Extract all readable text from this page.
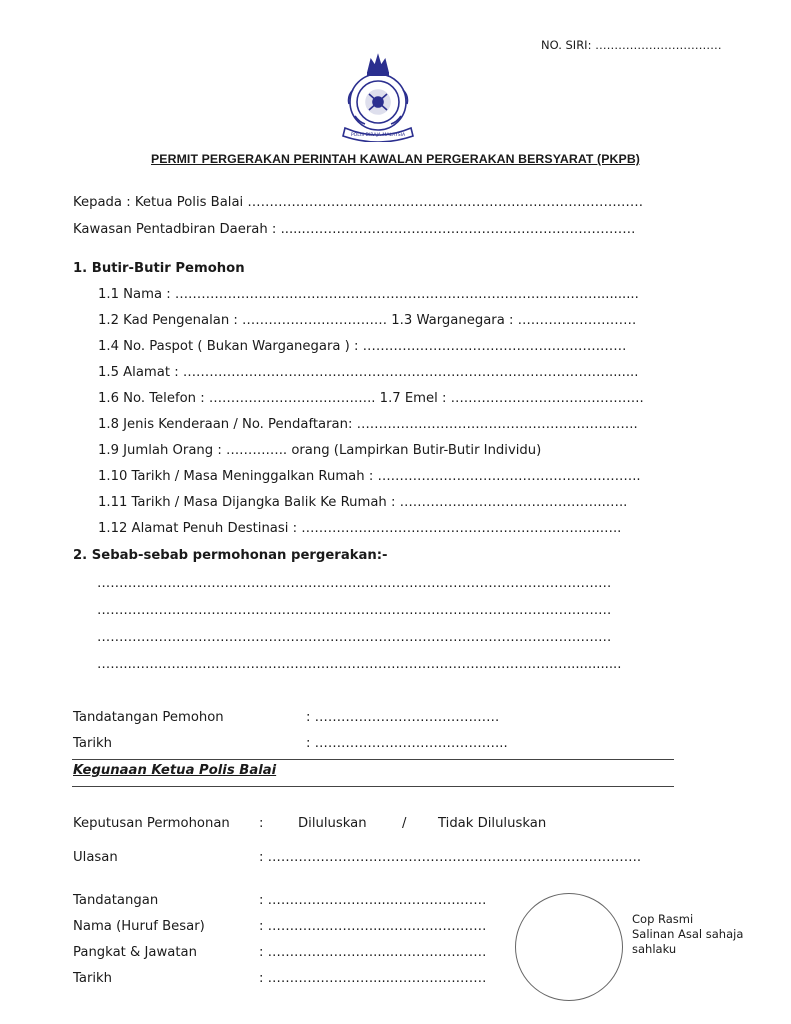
NO. SIRI: ……………………………
POLIS DIRAJA MALAYSIA
PERMIT PERGERAKAN PERINTAH KAWALAN PERGERAKAN BERSYARAT (PKPB)
Kepada : Ketua Polis Balai ………………………………………………………………………………
Kawasan Pentadbiran Daerah : ......…………………………………………………………………
1. Butir-Butir Pemohon
1.1 Nama : ……………………………………………………………………………………..........
1.2 Kad Pengenalan : …………………………… 1.3 Warganegara : ………………………
1.4 No. Paspot ( Bukan Warganegara ) : ……………………………………………………
1.5 Alamat : ……………………………………………………………………………………........
1.6 No. Telefon : ……………………………….. 1.7 Emel : ……………………………………..
1.8 Jenis Kenderaan / No. Pendaftaran: ……………………………………………………….
1.9 Jumlah Orang : ………….. orang (Lampirkan Butir-Butir Individu)
1.10 Tarikh / Masa Meninggalkan Rumah : …………………………………………….……..
1.11 Tarikh / Masa Dijangka Balik Ke Rumah : ………………………………………..…..
1.12 Alamat Penuh Destinasi : …………………………………………………………..…..
2. Sebab-sebab permohonan pergerakan:-
………………………………………………………………………………………………………
………………………………………………………………………………………………………
………………………………………………………………………………………………………
……..……………………………………………………………………………………….............
Tandatangan Pemohon	: ……………………………………
Tarikh	: ……………………………………..
Kegunaan Ketua Polis Balai
Keputusan Permohonan :	Diluluskan	/ Tidak Diluluskan
Ulasan	: ………………………………………………………………………….
Tandatangan	: …………………….....…………………
Nama (Huruf Besar)	: …………………….....…………………
Pangkat & Jawatan	: …………………….....…………………
Tarikh	: …………………….....…………………
Cop Rasmi
Salinan Asal sahaja
sahlaku
